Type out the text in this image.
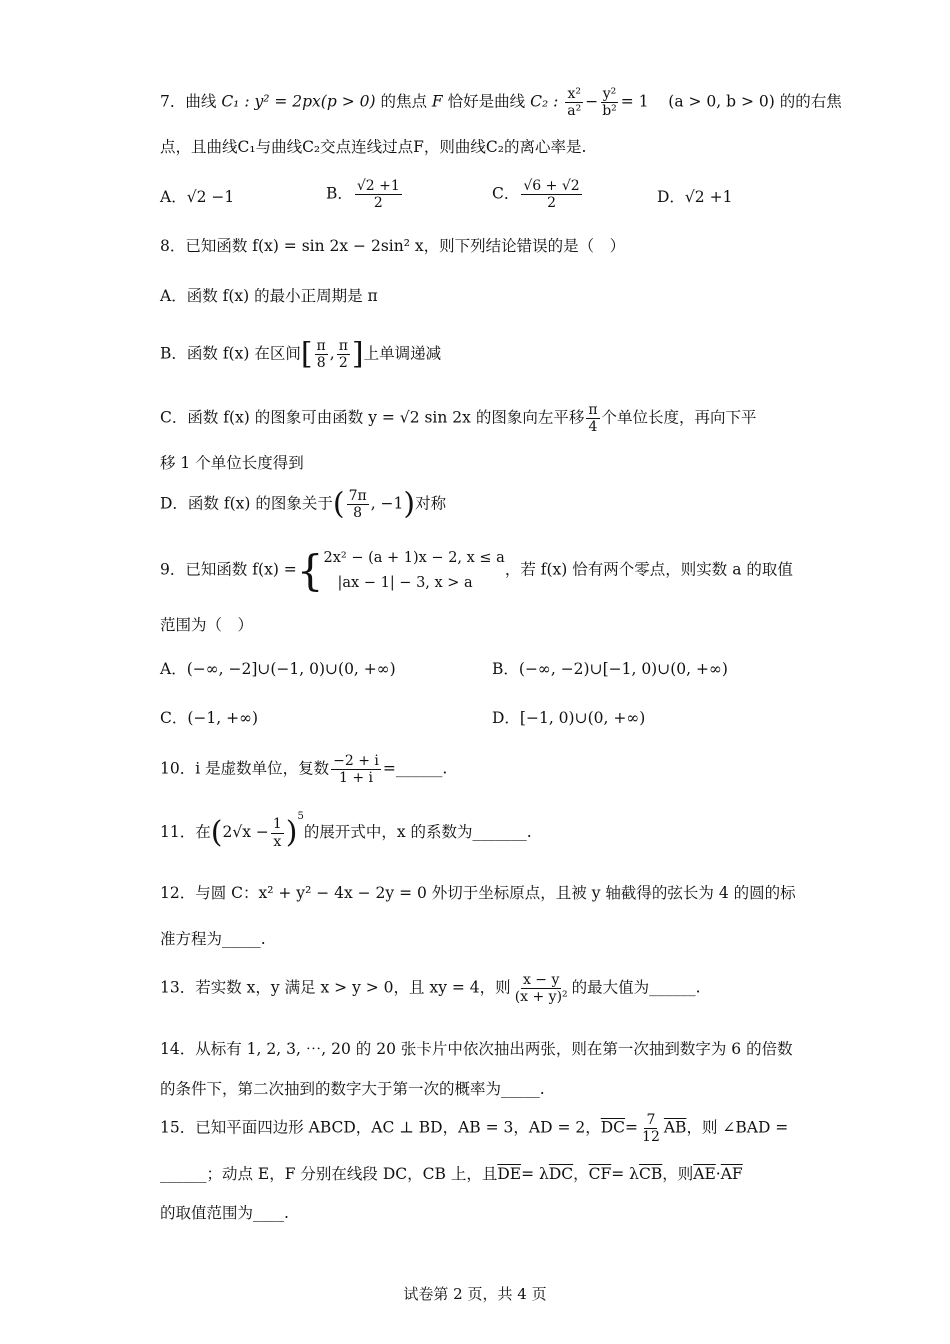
7．曲线 C₁ : y² = 2px(p > 0) 的焦点 F 恰好是曲线 C₂ : $\frac{\text{x²}}{\text{a²}} - \frac{\text{y²}}{\text{b²}} = 1$    (a > 0, b > 0) 的的右焦
点，且曲线C₁与曲线C₂交点连线过点F，则曲线C₂的离心率是.
A．√2 −1	B． $\frac{√2 +1}{2}$	C． $\frac{√6 + √2}{2}$	D．√2 +1
8．已知函数 f(x) = sin 2x − 2sin² x，则下列结论错误的是（　）
A．函数 f(x) 的最小正周期是 π
B．函数 f(x) 在区间[ $\frac{\pi}{8}$ , $\frac{\pi}{2}$ ]上单调递减
C．函数 f(x) 的图象可由函数 y = √2 sin 2x 的图象向左平移 $\frac{\pi}{4}$ 个单位长度，再向下平
移 1 个单位长度得到
D．函数 f(x) 的图象关于( $\frac{7\pi}{8}$ , −1)对称
9．已知函数 f(x) ={ 2x² − (a + 1)x − 2, x ≤ a
|ax − 1| − 3, x > a
，若 f(x) 恰有两个零点，则实数 a 的取值
范围为（　）
A．(−∞, −2]∪(−1, 0)∪(0, +∞)	B．(−∞, −2)∪[−1, 0)∪(0, +∞)
C．(−1, +∞)	D．[−1, 0)∪(0, +∞)
10．i 是虚数单位，复数 $\frac{-2 + i}{1 + i}$ =______.
11．在$(2√x - \frac{1}{x} )^5$的展开式中，x 的系数为_______.
12．与圆 C：x² + y² − 4x − 2y = 0 外切于坐标原点，且被 y 轴截得的弦长为 4 的圆的标
准方程为_____.
13．若实数 x，y 满足 x > y > 0，且 xy = 4，则 $\frac{x - y}{\text{(x + y)²}}$ 的最大值为______.
14．从标有 1, 2, 3, ⋯, 20 的 20 张卡片中依次抽出两张，则在第一次抽到数字为 6 的倍数
的条件下，第二次抽到的数字大于第一次的概率为_____.
15．已知平面四边形 ABCD，AC ⊥ BD，AB = 3，AD = 2，$\overline{DC}= \frac{7}{12} \overline{AB}$，则 ∠BAD =
______；动点 E，F 分别在线段 DC，CB 上，且$\overline{DE}= \lambda\overline{DC}$，$\overline{CF}= \lambda\overline{CB}$，则$\overline{AE}\cdot\overline{AF}$
的取值范围为____.
试卷第 2 页，共 4 页
